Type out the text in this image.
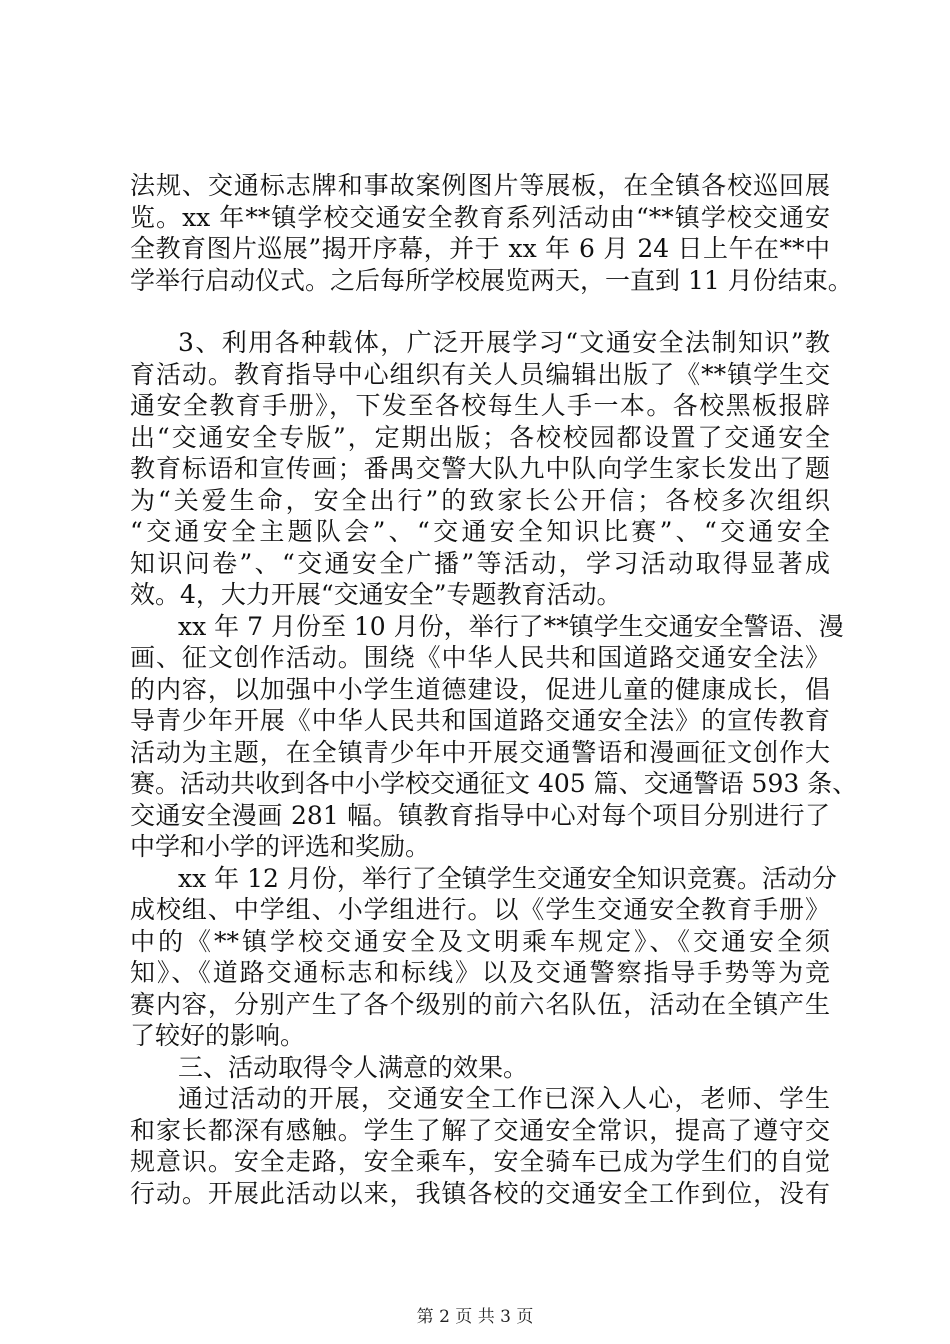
法规、交通标志牌和事故案例图片等展板，在全镇各校巡回展
览。xx 年**镇学校交通安全教育系列活动由“**镇学校交通安
全教育图片巡展”揭开序幕，并于 xx 年 6 月 24 日上午在**中
学举行启动仪式。之后每所学校展览两天，一直到 11 月份结束。
3、利用各种载体，广泛开展学习“文通安全法制知识”教
育活动。教育指导中心组织有关人员编辑出版了《**镇学生交
通安全教育手册》，下发至各校每生人手一本。各校黑板报辟
出“交通安全专版”，定期出版；各校校园都设置了交通安全
教育标语和宣传画；番禺交警大队九中队向学生家长发出了题
为“关爱生命，安全出行”的致家长公开信；各校多次组织
“交通安全主题队会”、“交通安全知识比赛”、“交通安全
知识问卷”、“交通安全广播”等活动，学习活动取得显著成
效。4，大力开展“交通安全”专题教育活动。
xx 年 7 月份至 10 月份，举行了**镇学生交通安全警语、漫
画、征文创作活动。围绕《中华人民共和国道路交通安全法》
的内容，以加强中小学生道德建设，促进儿童的健康成长，倡
导青少年开展《中华人民共和国道路交通安全法》的宣传教育
活动为主题，在全镇青少年中开展交通警语和漫画征文创作大
赛。活动共收到各中小学校交通征文 405 篇、交通警语 593 条、
交通安全漫画 281 幅。镇教育指导中心对每个项目分别进行了
中学和小学的评选和奖励。
xx 年 12 月份，举行了全镇学生交通安全知识竞赛。活动分
成校组、中学组、小学组进行。以《学生交通安全教育手册》
中的《**镇学校交通安全及文明乘车规定》、《交通安全须
知》、《道路交通标志和标线》以及交通警察指导手势等为竞
赛内容，分别产生了各个级别的前六名队伍，活动在全镇产生
了较好的影响。
三、活动取得令人满意的效果。
通过活动的开展，交通安全工作已深入人心，老师、学生
和家长都深有感触。学生了解了交通安全常识，提高了遵守交
规意识。安全走路，安全乘车，安全骑车已成为学生们的自觉
行动。开展此活动以来，我镇各校的交通安全工作到位，没有
第 2 页 共 3 页
